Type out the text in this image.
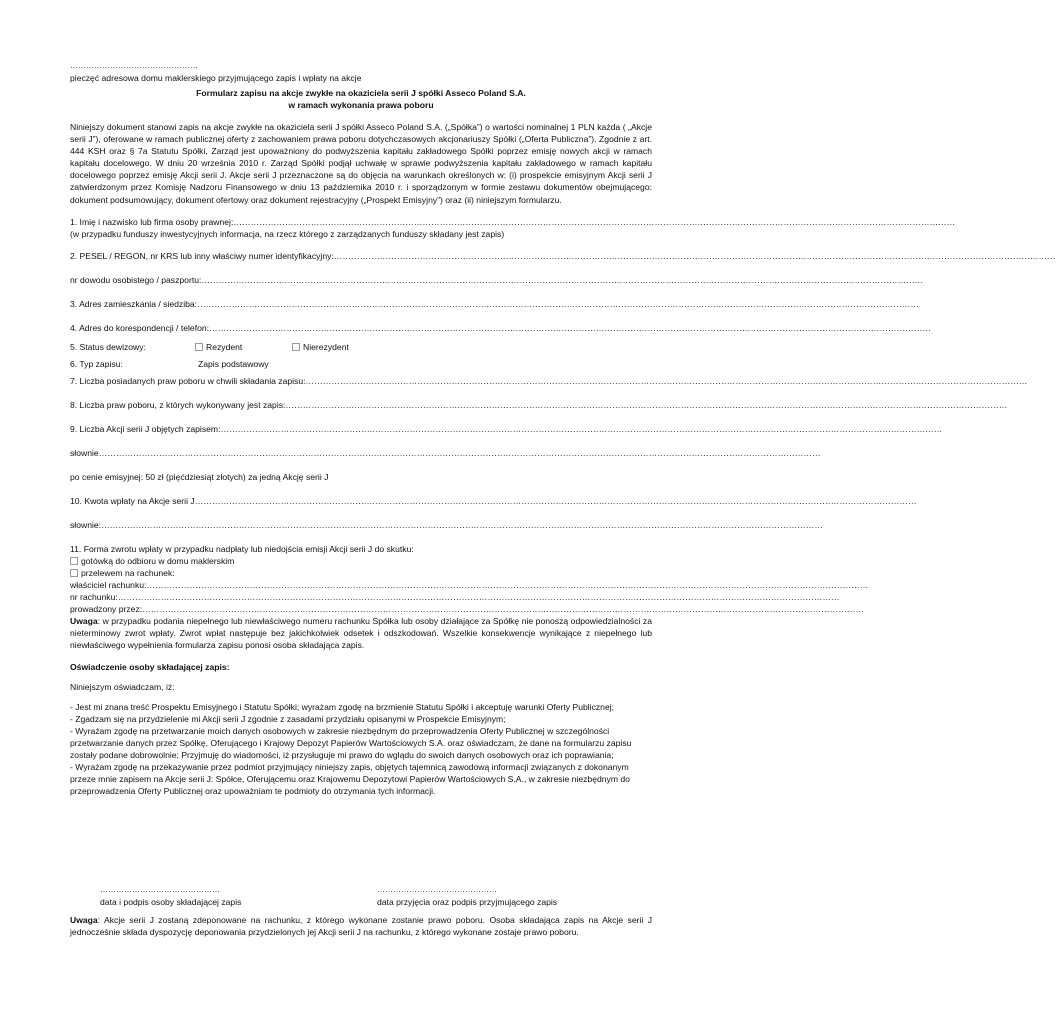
…………………………………………
pieczęć adresowa domu maklerskiego przyjmującego zapis i wpłaty na akcje
Formularz zapisu na akcje zwykłe na okaziciela serii J spółki Asseco Poland S.A.
w ramach wykonania prawa poboru
Niniejszy dokument stanowi zapis na akcje zwykłe na okaziciela serii J spółki Asseco Poland S.A. („Spółka”) o wartości nominalnej 1 PLN każda ( „Akcje serii J”), oferowane w ramach publicznej oferty z zachowaniem prawa poboru dotychczasowych akcjonariuszy Spółki („Oferta Publiczna”). Zgodnie z art. 444 KSH oraz § 7a Statutu Spółki, Zarząd jest upoważniony do podwyższenia kapitału zakładowego Spółki poprzez emisję nowych akcji w ramach kapitału docelowego. W dniu 20 września 2010 r. Zarząd Spółki podjął uchwałę w sprawie podwyższenia kapitału zakładowego w ramach kapitału docelowego poprzez emisję Akcji serii J. Akcje serii J przeznaczone są do objęcia na warunkach określonych w: (i) prospekcie emisyjnym Akcji serii J zatwierdzonym przez Komisję Nadzoru Finansowego w dniu 13 października 2010 r. i sporządzonym w formie zestawu dokumentów obejmującego: dokument podsumowujący, dokument ofertowy oraz dokument rejestracyjny („Prospekt Emisyjny”) oraz (ii) niniejszym formularzu.
1. Imię i nazwisko lub firma osoby prawnej: ………………………………………………………………………………………………………………………………………………………………………………………………………………………………
(w przypadku funduszy inwestycyjnych informacja, na rzecz którego z zarządzanych funduszy składany jest zapis)
2. PESEL / REGON, nr KRS lub inny właściwy numer identyfikacyjny: ………………………………………………………………………………………………………………………………………………………………………………………………………………………………
nr dowodu osobistego / paszportu: ………………………………………………………………………………………………………………………………………………………………………………………………………………………………
3. Adres zamieszkania / siedziba: ………………………………………………………………………………………………………………………………………………………………………………………………………………………………
4. Adres do korespondencji / telefon: ………………………………………………………………………………………………………………………………………………………………………………………………………………………………
5. Status dewizowy:	Rezydent	Nierezydent
6. Typ zapisu:	Zapis podstawowy
7. Liczba posiadanych praw poboru w chwili składania zapisu: ………………………………………………………………………………………………………………………………………………………………………………………………………………………………
8. Liczba praw poboru, z których wykonywany jest zapis: ………………………………………………………………………………………………………………………………………………………………………………………………………………………………
9. Liczba Akcji serii J objętych zapisem: ………………………………………………………………………………………………………………………………………………………………………………………………………………………………
słownie ………………………………………………………………………………………………………………………………………………………………………………………………………………………………
po cenie emisyjnej: 50 zł (pięćdziesiąt złotych) za jedną Akcję serii J
10. Kwota wpłaty na Akcje serii J ………………………………………………………………………………………………………………………………………………………………………………………………………………………………
słownie: ………………………………………………………………………………………………………………………………………………………………………………………………………………………………
11. Forma zwrotu wpłaty w przypadku nadpłaty lub niedojścia emisji Akcji serii J do skutku:
gotówką do odbioru w domu maklerskim
przelewem na rachunek:
właściciel rachunku: ………………………………………………………………………………………………………………………………………………………………………………………………………………………………
nr rachunku: ………………………………………………………………………………………………………………………………………………………………………………………………………………………………
prowadzony przez: ………………………………………………………………………………………………………………………………………………………………………………………………………………………………
Uwaga: w przypadku podania niepełnego lub niewłaściwego numeru rachunku Spółka lub osoby działające za Spółkę nie ponoszą odpowiedzialności za nieterminowy zwrot wpłaty. Zwrot wpłat następuje bez jakichkolwiek odsetek i odszkodowań. Wszelkie konsekwencje wynikające z niepełnego lub niewłaściwego wypełnienia formularza zapisu ponosi osoba składająca zapis.
Oświadczenie osoby składającej zapis:
Niniejszym oświadczam, iż:
- Jest mi znana treść Prospektu Emisyjnego i Statutu Spółki; wyrażam zgodę na brzmienie Statutu Spółki i akceptuję warunki Oferty Publicznej;
- Zgadzam się na przydzielenie mi Akcji serii J zgodnie z zasadami przydziału opisanymi w Prospekcie Emisyjnym;
- Wyrażam zgodę na przetwarzanie moich danych osobowych w zakresie niezbędnym do przeprowadzenia Oferty Publicznej w szczególności przetwarzanie danych przez Spółkę, Oferującego i Krajowy Depozyt Papierów Wartościowych S.A. oraz oświadczam, że dane na formularzu zapisu zostały podane dobrowolnie; Przyjmuję do wiadomości, iż przysługuje mi prawo do wglądu do swoich danych osobowych oraz ich poprawiania;
- Wyrażam zgodę na przekazywanie przez podmiot przyjmujący niniejszy zapis, objętych tajemnicą zawodową informacji związanych z dokonanym przeze mnie zapisem na Akcje serii J: Spółce, Oferującemu oraz Krajowemu Depozytowi Papierów Wartościowych S.A., w zakresie niezbędnym do przeprowadzenia Oferty Publicznej oraz upoważniam te podmioty do otrzymania tych informacji.
………………………………………
data i podpis osoby składającej zapis
………………………………………
data przyjęcia oraz podpis przyjmującego zapis
Uwaga: Akcje serii J zostaną zdeponowane na rachunku, z którego wykonane zostanie prawo poboru. Osoba składająca zapis na Akcje serii J jednocześnie składa dyspozycję deponowania przydzielonych jej Akcji serii J na rachunku, z którego wykonane zostaje prawo poboru.
